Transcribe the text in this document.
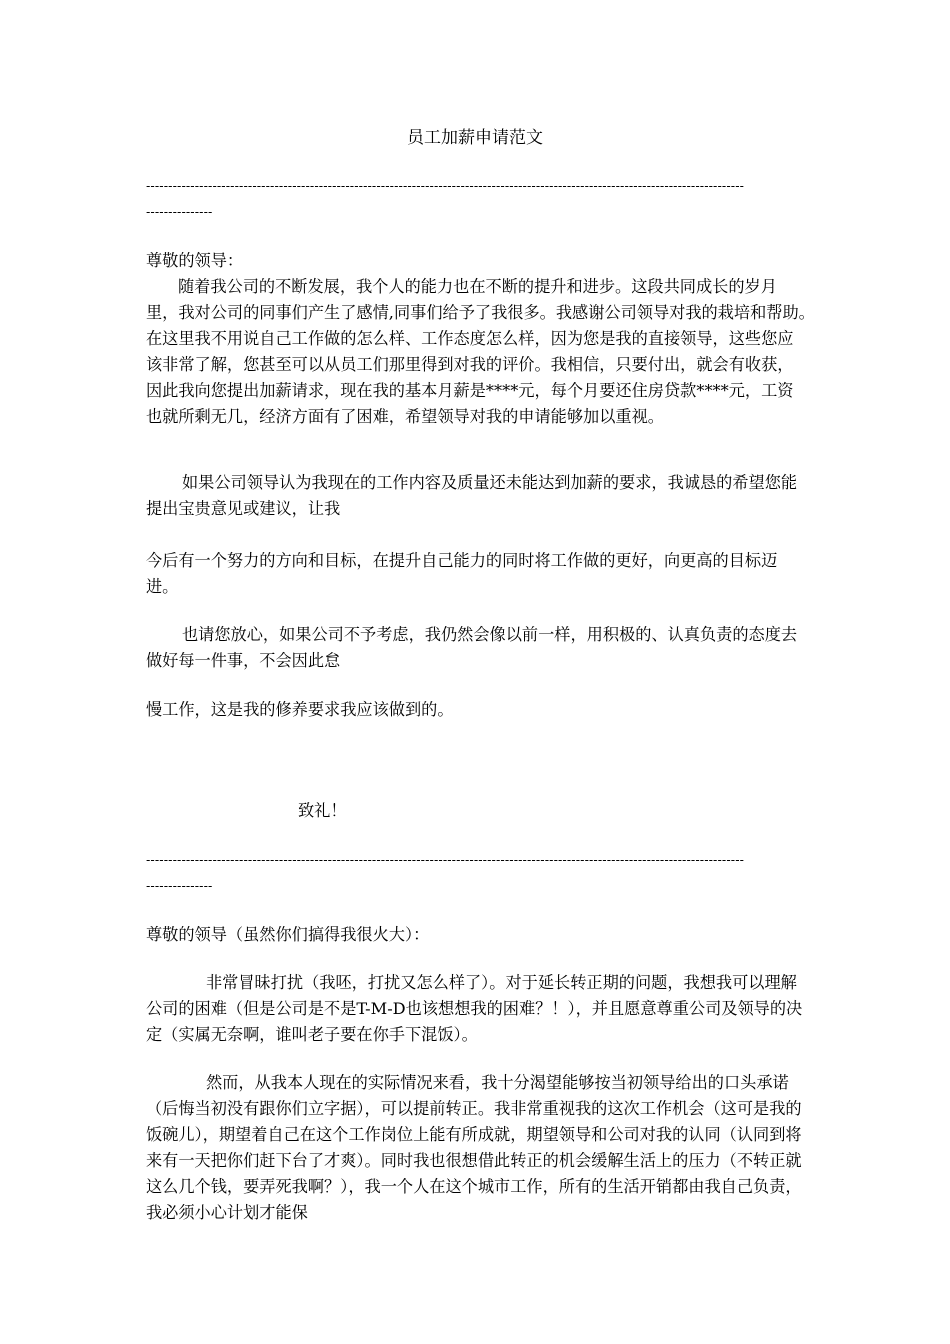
员工加薪申请范文
---------------------------------------------------------------------------------------------------------------------------------------
---------------

尊敬的领导：

随着我公司的不断发展，我个人的能力也在不断的提升和进步。这段共同成长的岁月里，我对公司的同事们产生了感情,同事们给予了我很多。我感谢公司领导对我的栽培和帮助。　　在这里我不用说自己工作做的怎么样、工作态度怎么样，因为您是我的直接领导，这些您应该非常了解，您甚至可以从员工们那里得到对我的评价。我相信，只要付出，就会有收获，因此我向您提出加薪请求，现在我的基本月薪是****元，每个月要还住房贷款****元，工资也就所剩无几，经济方面有了困难，希望领导对我的申请能够加以重视。

如果公司领导认为我现在的工作内容及质量还未能达到加薪的要求，我诚恳的希望您能提出宝贵意见或建议，让我
今后有一个努力的方向和目标，在提升自己能力的同时将工作做的更好，向更高的目标迈进。
也请您放心，如果公司不予考虑，我仍然会像以前一样，用积极的、认真负责的态度去做好每一件事，不会因此怠
慢工作，这是我的修养要求我应该做到的。
致礼！
---------------------------------------------------------------------------------------------------------------------------------------
---------------
尊敬的领导（虽然你们搞得我很火大）：
非常冒昧打扰（我呸，打扰又怎么样了）。对于延长转正期的问题，我想我可以理解公司的困难（但是公司是不是T-M-D也该想想我的困难？！），并且愿意尊重公司及领导的决定（实属无奈啊，谁叫老子要在你手下混饭）。
然而，从我本人现在的实际情况来看，我十分渴望能够按当初领导给出的口头承诺（后悔当初没有跟你们立字据），可以提前转正。我非常重视我的这次工作机会（这可是我的饭碗儿），期望着自己在这个工作岗位上能有所成就，期望领导和公司对我的认同（认同到将来有一天把你们赶下台了才爽）。同时我也很想借此转正的机会缓解生活上的压力（不转正就这么几个钱，要弄死我啊？），我一个人在这个城市工作，所有的生活开销都由我自己负责，我必须小心计划才能保
